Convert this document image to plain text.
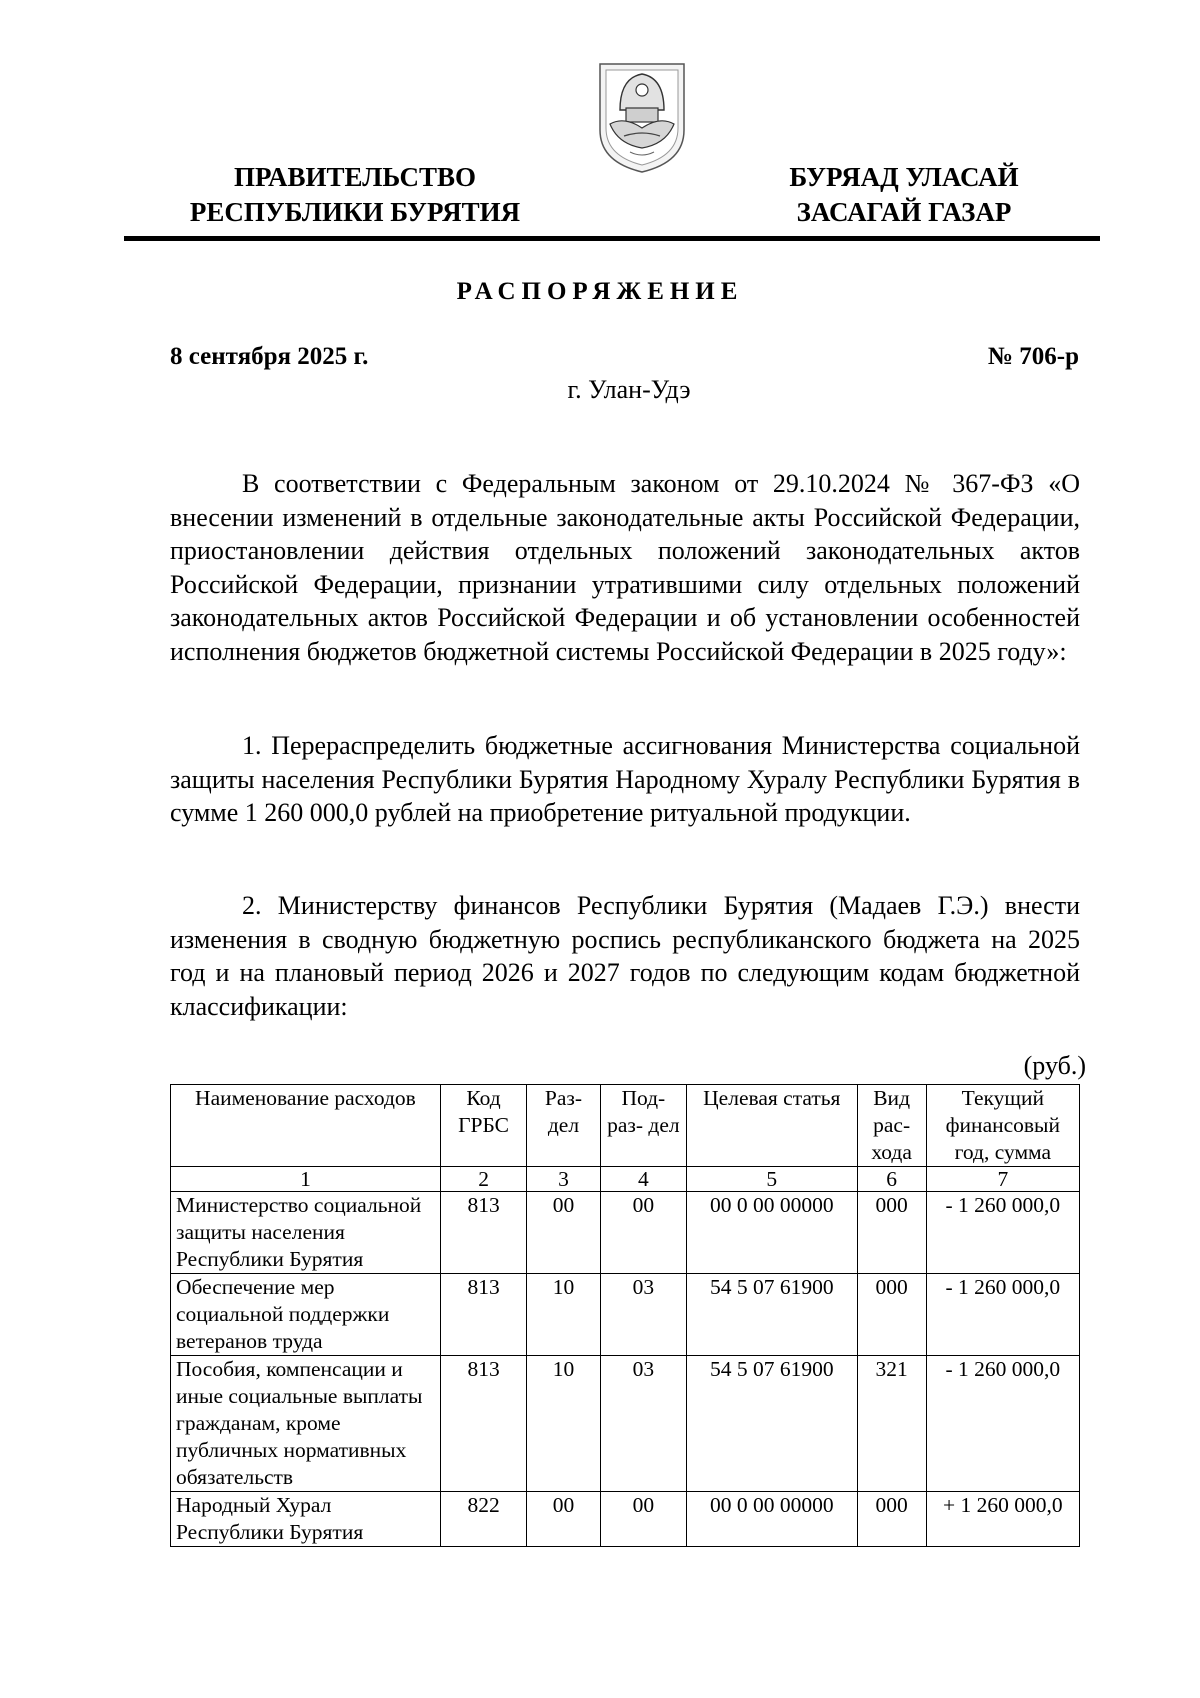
ПРАВИТЕЛЬСТВО
РЕСПУБЛИКИ БУРЯТИЯ
БУРЯАД УЛАСАЙ
ЗАСАГАЙ ГАЗАР
РАСПОРЯЖЕНИЕ
8 сентября 2025 г.	№ 706-р
г. Улан-Удэ

В соответствии с Федеральным законом от 29.10.2024 № 367-ФЗ «О внесении изменений в отдельные законодательные акты Российской Федерации, приостановлении действия отдельных положений законодательных актов Российской Федерации, признании утратившими силу отдельных положений законодательных актов Российской Федерации и об установлении особенностей исполнения бюджетов бюджетной системы Российской Федерации в 2025 году»:

1. Перераспределить бюджетные ассигнования Министерства социальной защиты населения Республики Бурятия Народному Хуралу Республики Бурятия в сумме 1 260 000,0 рублей на приобретение ритуальной продукции.

2. Министерству финансов Республики Бурятия (Мадаев Г.Э.) внести изменения в сводную бюджетную роспись республиканского бюджета на 2025 год и на плановый период 2026 и 2027 годов по следующим кодам бюджетной классификации:

(руб.)
Наименование расходов	Код ГРБС	Раз- дел	Под- раз- дел	Целевая статья	Вид рас- хода	Текущий финансовый год, сумма
1	2	3	4	5	6	7
Министерство социальной защиты населения Республики Бурятия	813	00	00	00 0 00 00000	000	- 1 260 000,0
Обеспечение мер социальной поддержки ветеранов труда	813	10	03	54 5 07 61900	000	- 1 260 000,0
Пособия, компенсации и иные социальные выплаты гражданам, кроме публичных нормативных обязательств	813	10	03	54 5 07 61900	321	- 1 260 000,0
Народный Хурал Республики Бурятия	822	00	00	00 0 00 00000	000	+ 1 260 000,0
